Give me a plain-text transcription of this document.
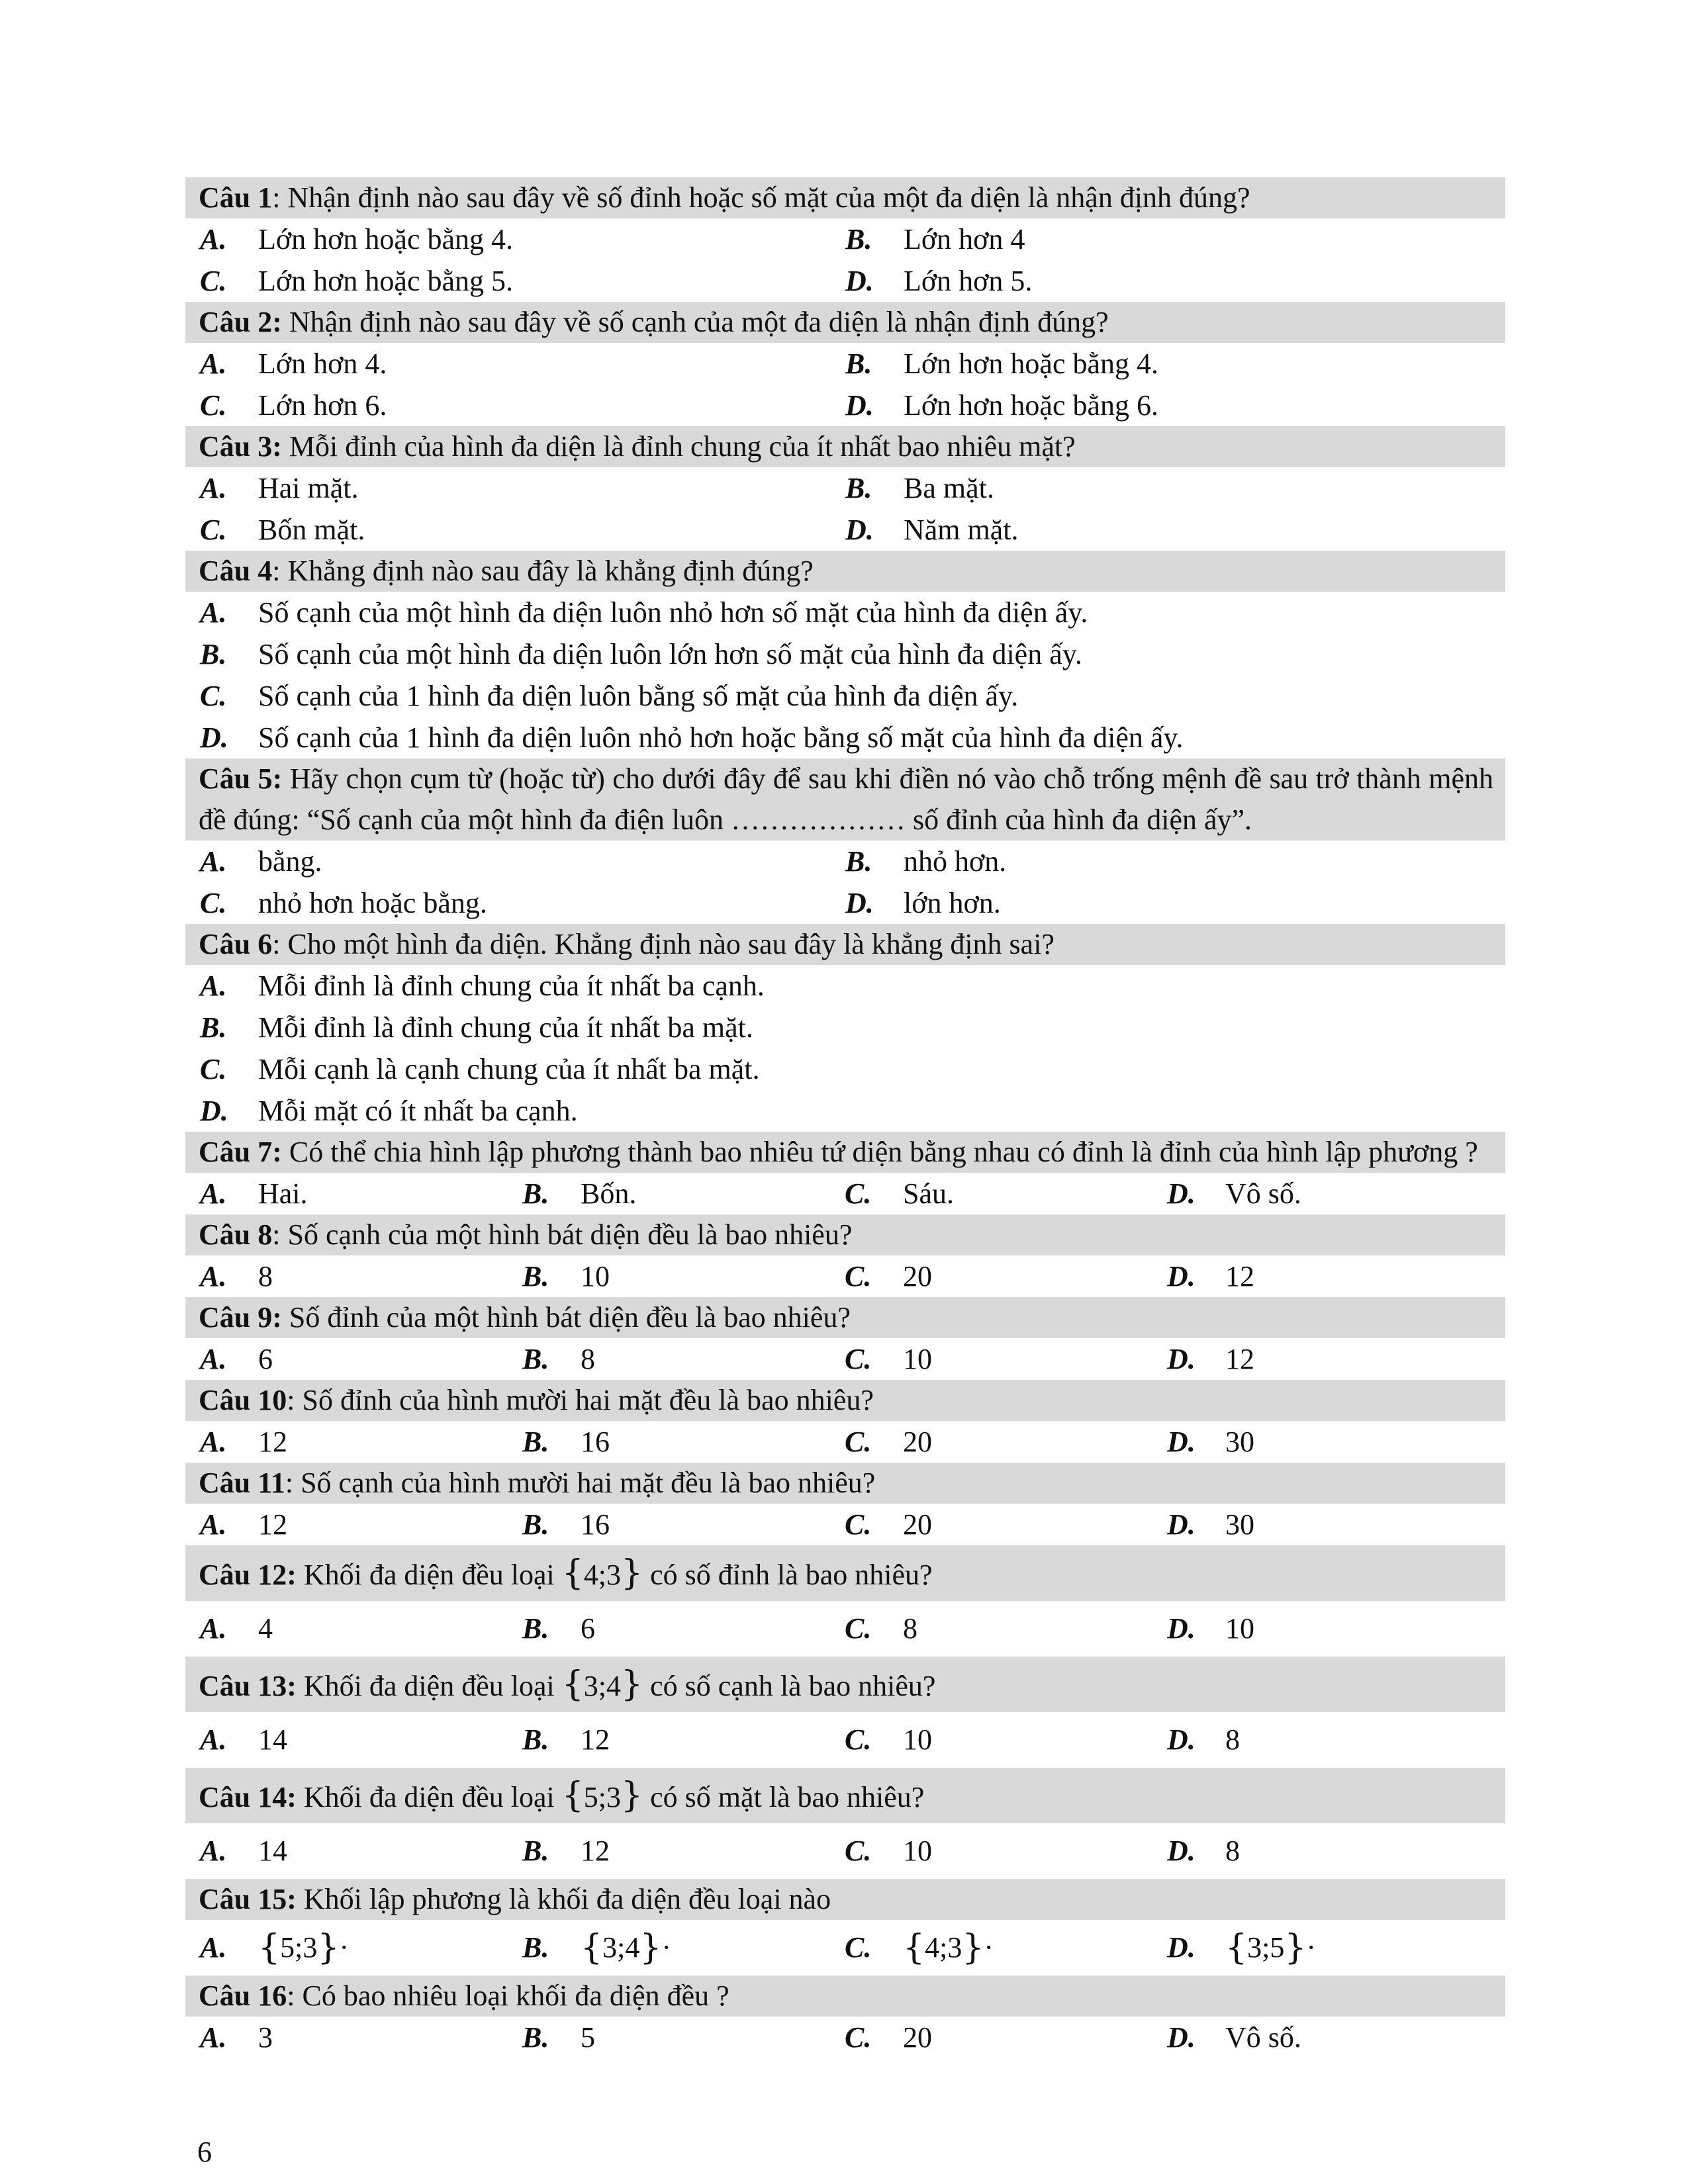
Câu 1: Nhận định nào sau đây về số đỉnh hoặc số mặt của một đa diện là nhận định đúng?
A.	Lớn hơn hoặc bằng 4.	B.	Lớn hơn 4
C.	Lớn hơn hoặc bằng 5.	D.	Lớn hơn 5.
Câu 2: Nhận định nào sau đây về số cạnh của một đa diện là nhận định đúng?
A.	Lớn hơn 4.	B.	Lớn hơn hoặc bằng 4.
C.	Lớn hơn 6.	D.	Lớn hơn hoặc bằng 6.
Câu 3: Mỗi đỉnh của hình đa diện là đỉnh chung của ít nhất bao nhiêu mặt?
A.	Hai mặt.	B.	Ba mặt.
C.	Bốn mặt.	D.	Năm mặt.
Câu 4: Khẳng định nào sau đây là khẳng định đúng?
A.	Số cạnh của một hình đa diện luôn nhỏ hơn số mặt của hình đa diện ấy.
B.	Số cạnh của một hình đa diện luôn lớn hơn số mặt của hình đa diện ấy.
C.	Số cạnh của 1 hình đa diện luôn bằng số mặt của hình đa diện ấy.
D.	Số cạnh của 1 hình đa diện luôn nhỏ hơn hoặc bằng số mặt của hình đa diện ấy.
Câu 5: Hãy chọn cụm từ (hoặc từ) cho dưới đây để sau khi điền nó vào chỗ trống mệnh đề sau trở thành mệnh đề đúng: “Số cạnh của một hình đa điện luôn ……………… số đỉnh của hình đa diện ấy”.
A.	bằng.	B.	nhỏ hơn.
C.	nhỏ hơn hoặc bằng.	D.	lớn hơn.
Câu 6: Cho một hình đa diện. Khẳng định nào sau đây là khẳng định sai?
A.	Mỗi đỉnh là đỉnh chung của ít nhất ba cạnh.
B.	Mỗi đỉnh là đỉnh chung của ít nhất ba mặt.
C.	Mỗi cạnh là cạnh chung của ít nhất ba mặt.
D.	Mỗi mặt có ít nhất ba cạnh.
Câu 7: Có thể chia hình lập phương thành bao nhiêu tứ diện bằng nhau có đỉnh là đỉnh của hình lập phương ?
A.	Hai.	B.	Bốn.	C.	Sáu.	D.	Vô số.
Câu 8: Số cạnh của một hình bát diện đều là bao nhiêu?
A.	8	B.	10	C.	20	D.	12
Câu 9: Số đỉnh của một hình bát diện đều là bao nhiêu?
A.	6	B.	8	C.	10	D.	12
Câu 10: Số đỉnh của hình mười hai mặt đều là bao nhiêu?
A.	12	B.	16	C.	20	D.	30
Câu 11: Số cạnh của hình mười hai mặt đều là bao nhiêu?
A.	12	B.	16	C.	20	D.	30
Câu 12: Khối đa diện đều loại {4;3} có số đỉnh là bao nhiêu?
A.	4	B.	6	C.	8	D.	10
Câu 13: Khối đa diện đều loại {3;4} có số cạnh là bao nhiêu?
A.	14	B.	12	C.	10	D.	8
Câu 14: Khối đa diện đều loại {5;3} có số mặt là bao nhiêu?
A.	14	B.	12	C.	10	D.	8
Câu 15: Khối lập phương là khối đa diện đều loại nào
A. { 5;3 } ·	B. { 3;4 } ·	C. { 4;3 } ·	D. { 3;5 } ·
Câu 16: Có bao nhiêu loại khối đa diện đều ?
A.	3	B.	5	C.	20	D.	Vô số.
6
